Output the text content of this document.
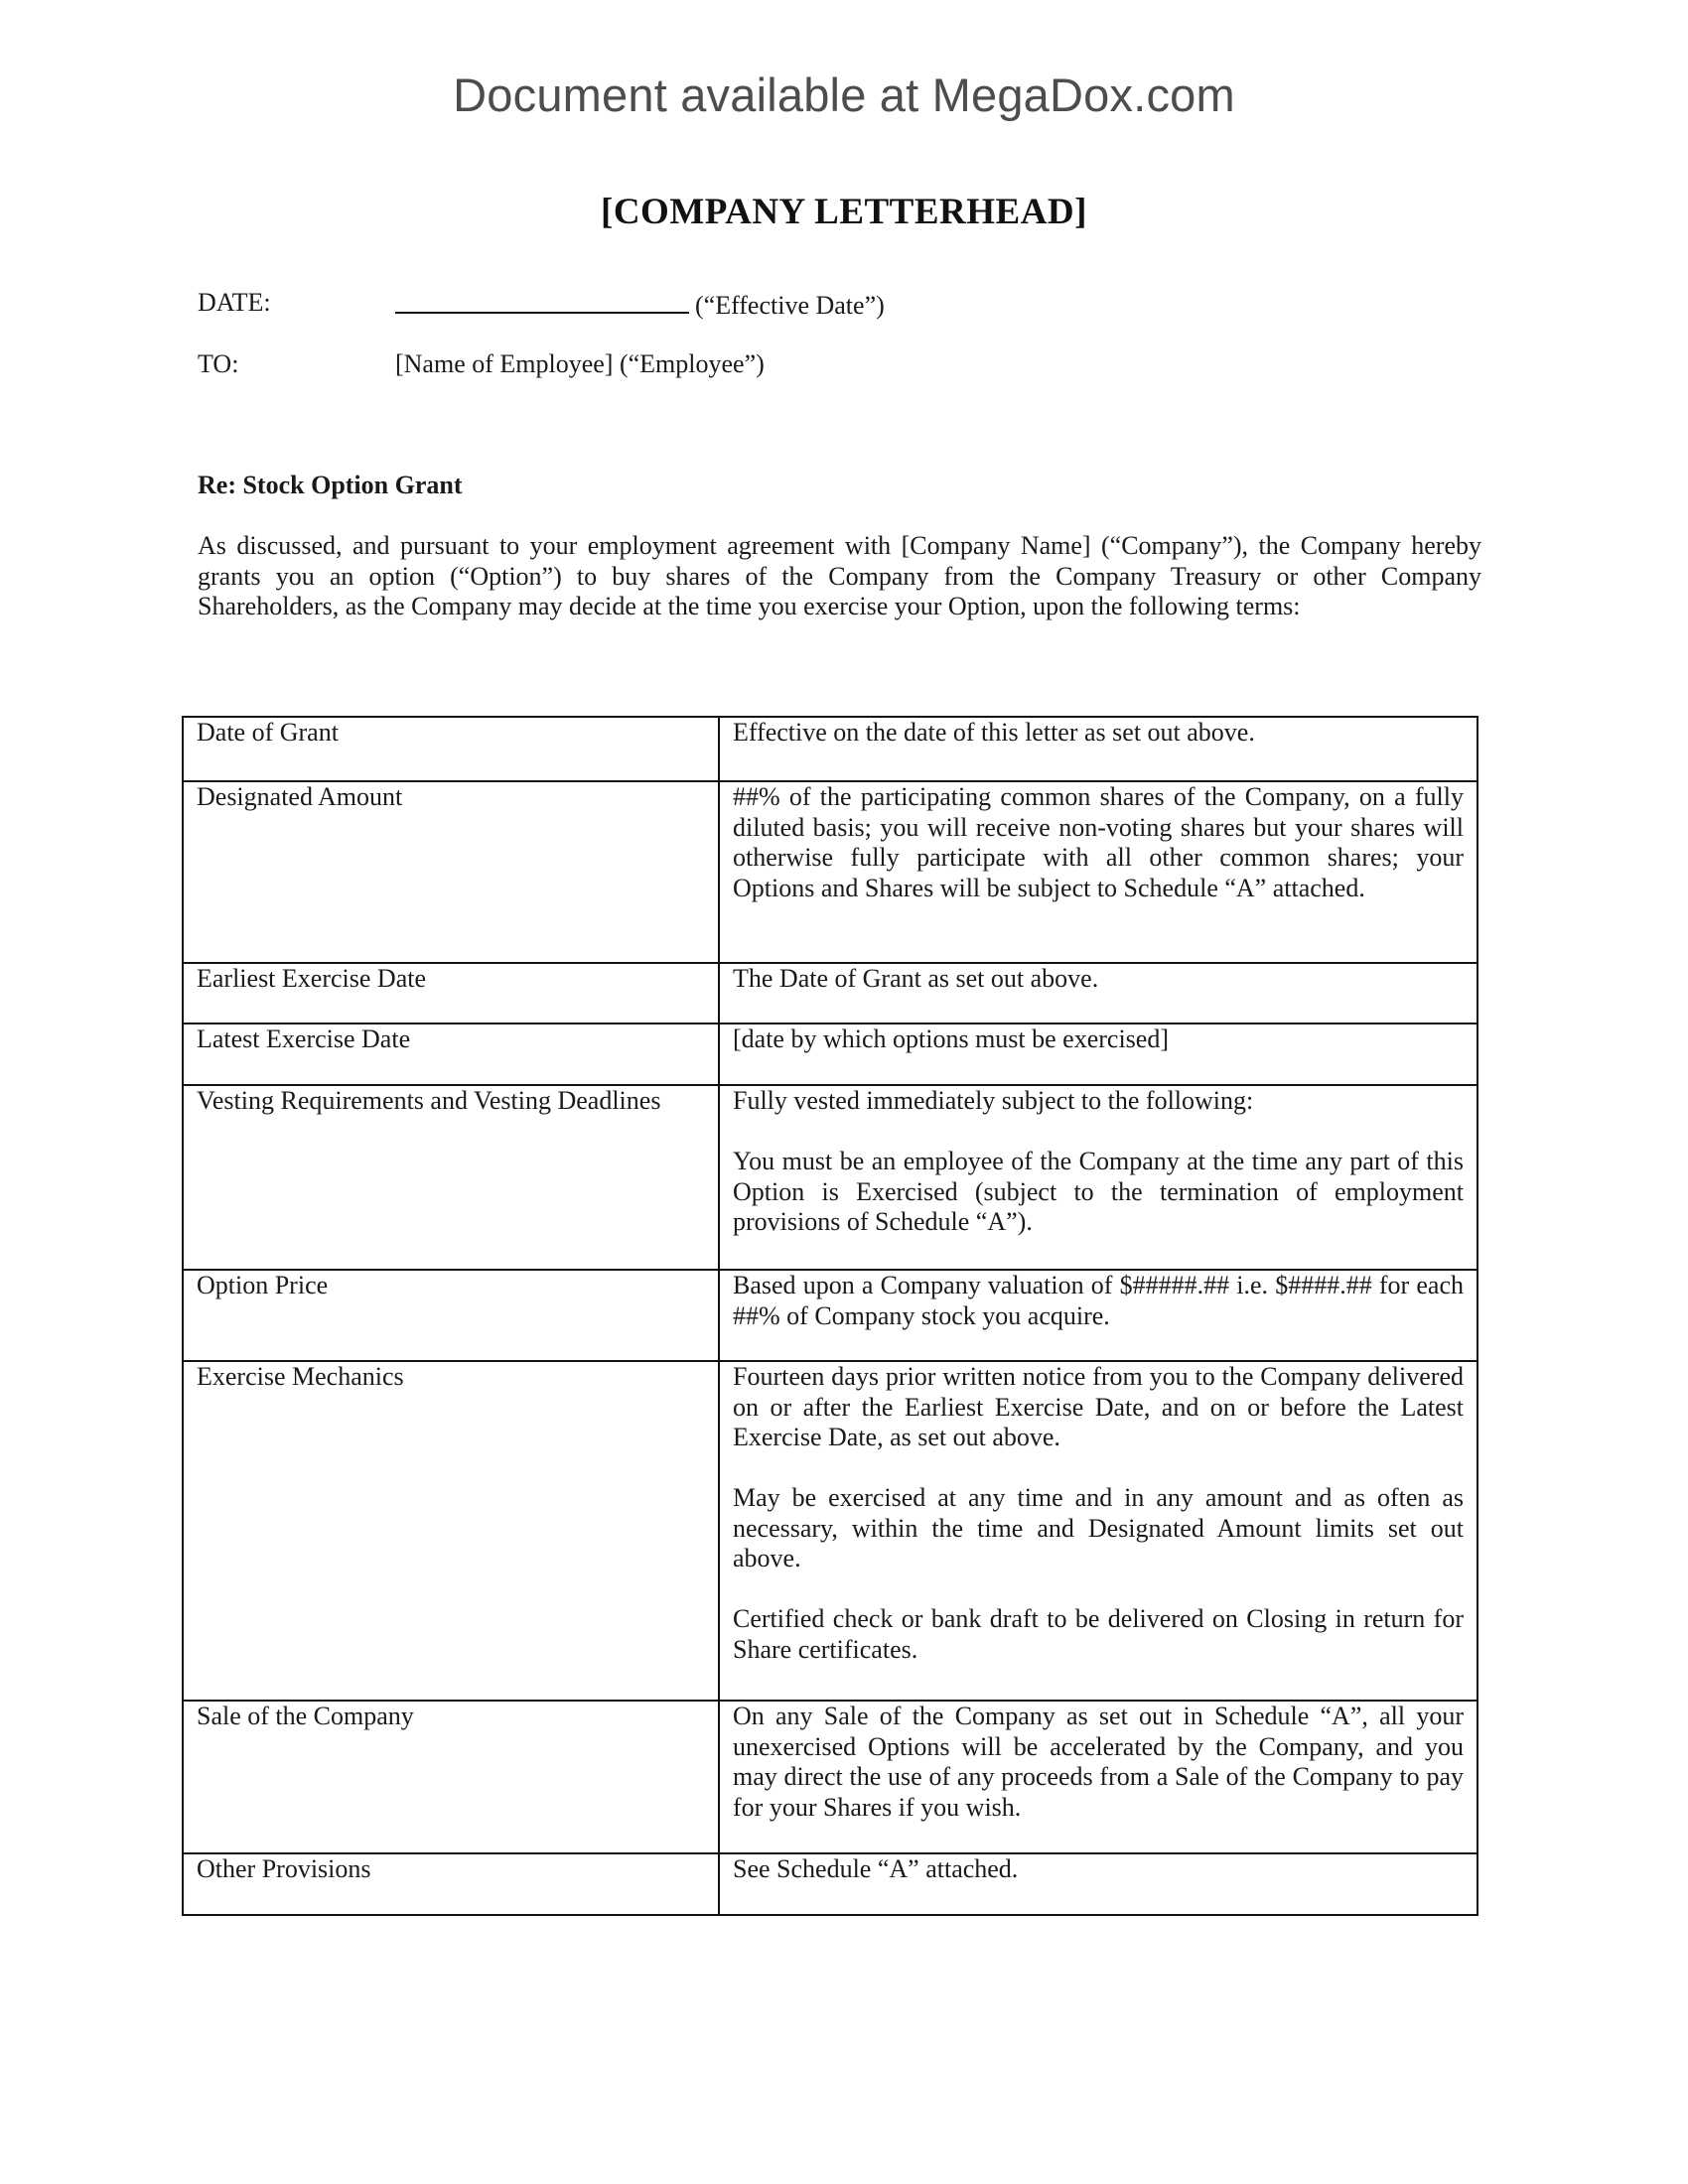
Document available at MegaDox.com
[COMPANY LETTERHEAD]
DATE:	(“Effective Date”)
TO:	[Name of Employee] (“Employee”)
Re: Stock Option Grant

As discussed, and pursuant to your employment agreement with [Company Name] (“Company”), the Company hereby grants you an option (“Option”) to buy shares of the Company from the Company Treasury or other Company Shareholders, as the Company may decide at the time you exercise your Option, upon the following terms:

Date of Grant	Effective on the date of this letter as set out above.

Designated Amount	##% of the participating common shares of the Company, on a fully diluted basis; you will receive non-voting shares but your shares will otherwise fully participate with all other common shares; your Options and Shares will be subject to Schedule “A” attached.

Earliest Exercise Date	The Date of Grant as set out above.

Latest Exercise Date	[date by which options must be exercised]

Vesting Requirements and Vesting Deadlines	Fully vested immediately subject to the following:

You must be an employee of the Company at the time any part of this Option is Exercised (subject to the termination of employment provisions of Schedule “A”).

Option Price	Based upon a Company valuation of $#####.## i.e. $####.## for each ##% of Company stock you acquire.

Exercise Mechanics	Fourteen days prior written notice from you to the Company delivered on or after the Earliest Exercise Date, and on or before the Latest Exercise Date, as set out above.

May be exercised at any time and in any amount and as often as necessary, within the time and Designated Amount limits set out above.

Certified check or bank draft to be delivered on Closing in return for Share certificates.

Sale of the Company	On any Sale of the Company as set out in Schedule “A”, all your unexercised Options will be accelerated by the Company, and you may direct the use of any proceeds from a Sale of the Company to pay for your Shares if you wish.

Other Provisions	See Schedule “A” attached.
